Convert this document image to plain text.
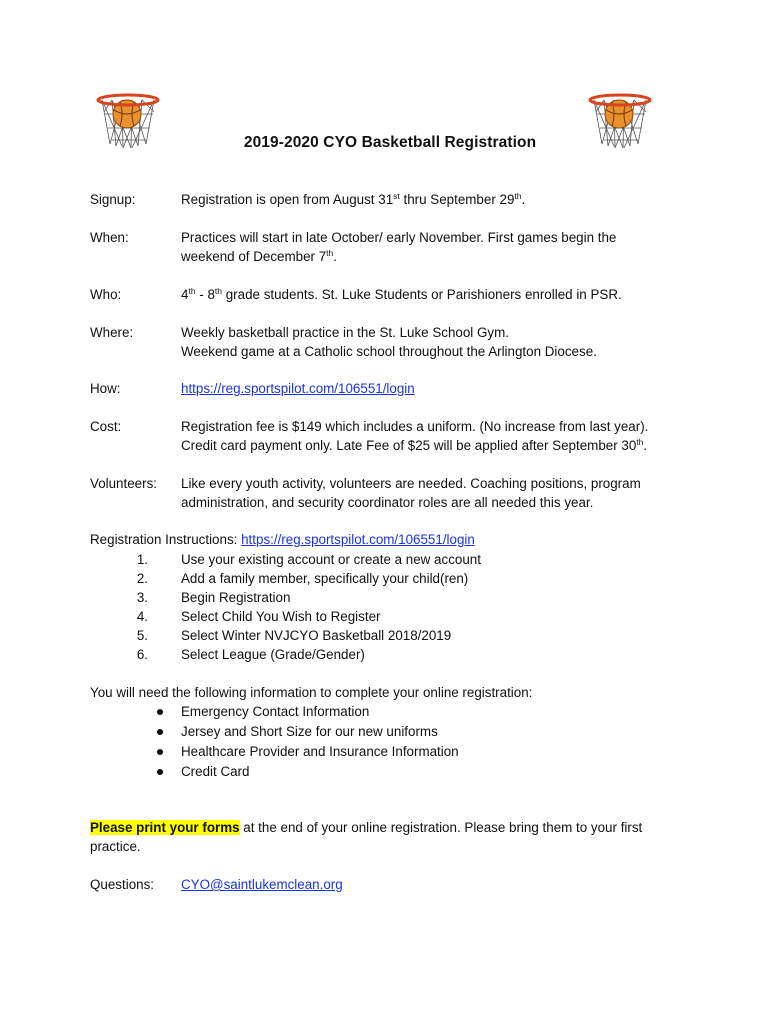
2019-2020 CYO Basketball Registration
Signup:	Registration is open from August 31st thru September 29th.
When:	Practices will start in late October/ early November. First games begin the
weekend of December 7th.
Who:	4th - 8th grade students. St. Luke Students or Parishioners enrolled in PSR.
Where:	Weekly basketball practice in the St. Luke School Gym.
Weekend game at a Catholic school throughout the Arlington Diocese.
How:	https://reg.sportspilot.com/106551/login
Cost:	Registration fee is $149 which includes a uniform. (No increase from last year).
Credit card payment only. Late Fee of $25 will be applied after September 30th.
Volunteers:	Like every youth activity, volunteers are needed. Coaching positions, program
administration, and security coordinator roles are all needed this year.
Registration Instructions: https://reg.sportspilot.com/106551/login
1. Use your existing account or create a new account
2. Add a family member, specifically your child(ren)
3. Begin Registration
4. Select Child You Wish to Register
5. Select Winter NVJCYO Basketball 2018/2019
6. Select League (Grade/Gender)
You will need the following information to complete your online registration:
Emergency Contact Information
Jersey and Short Size for our new uniforms
Healthcare Provider and Insurance Information
Credit Card
Please print your forms at the end of your online registration. Please bring them to your first practice.
Questions:	CYO@saintlukemclean.org
